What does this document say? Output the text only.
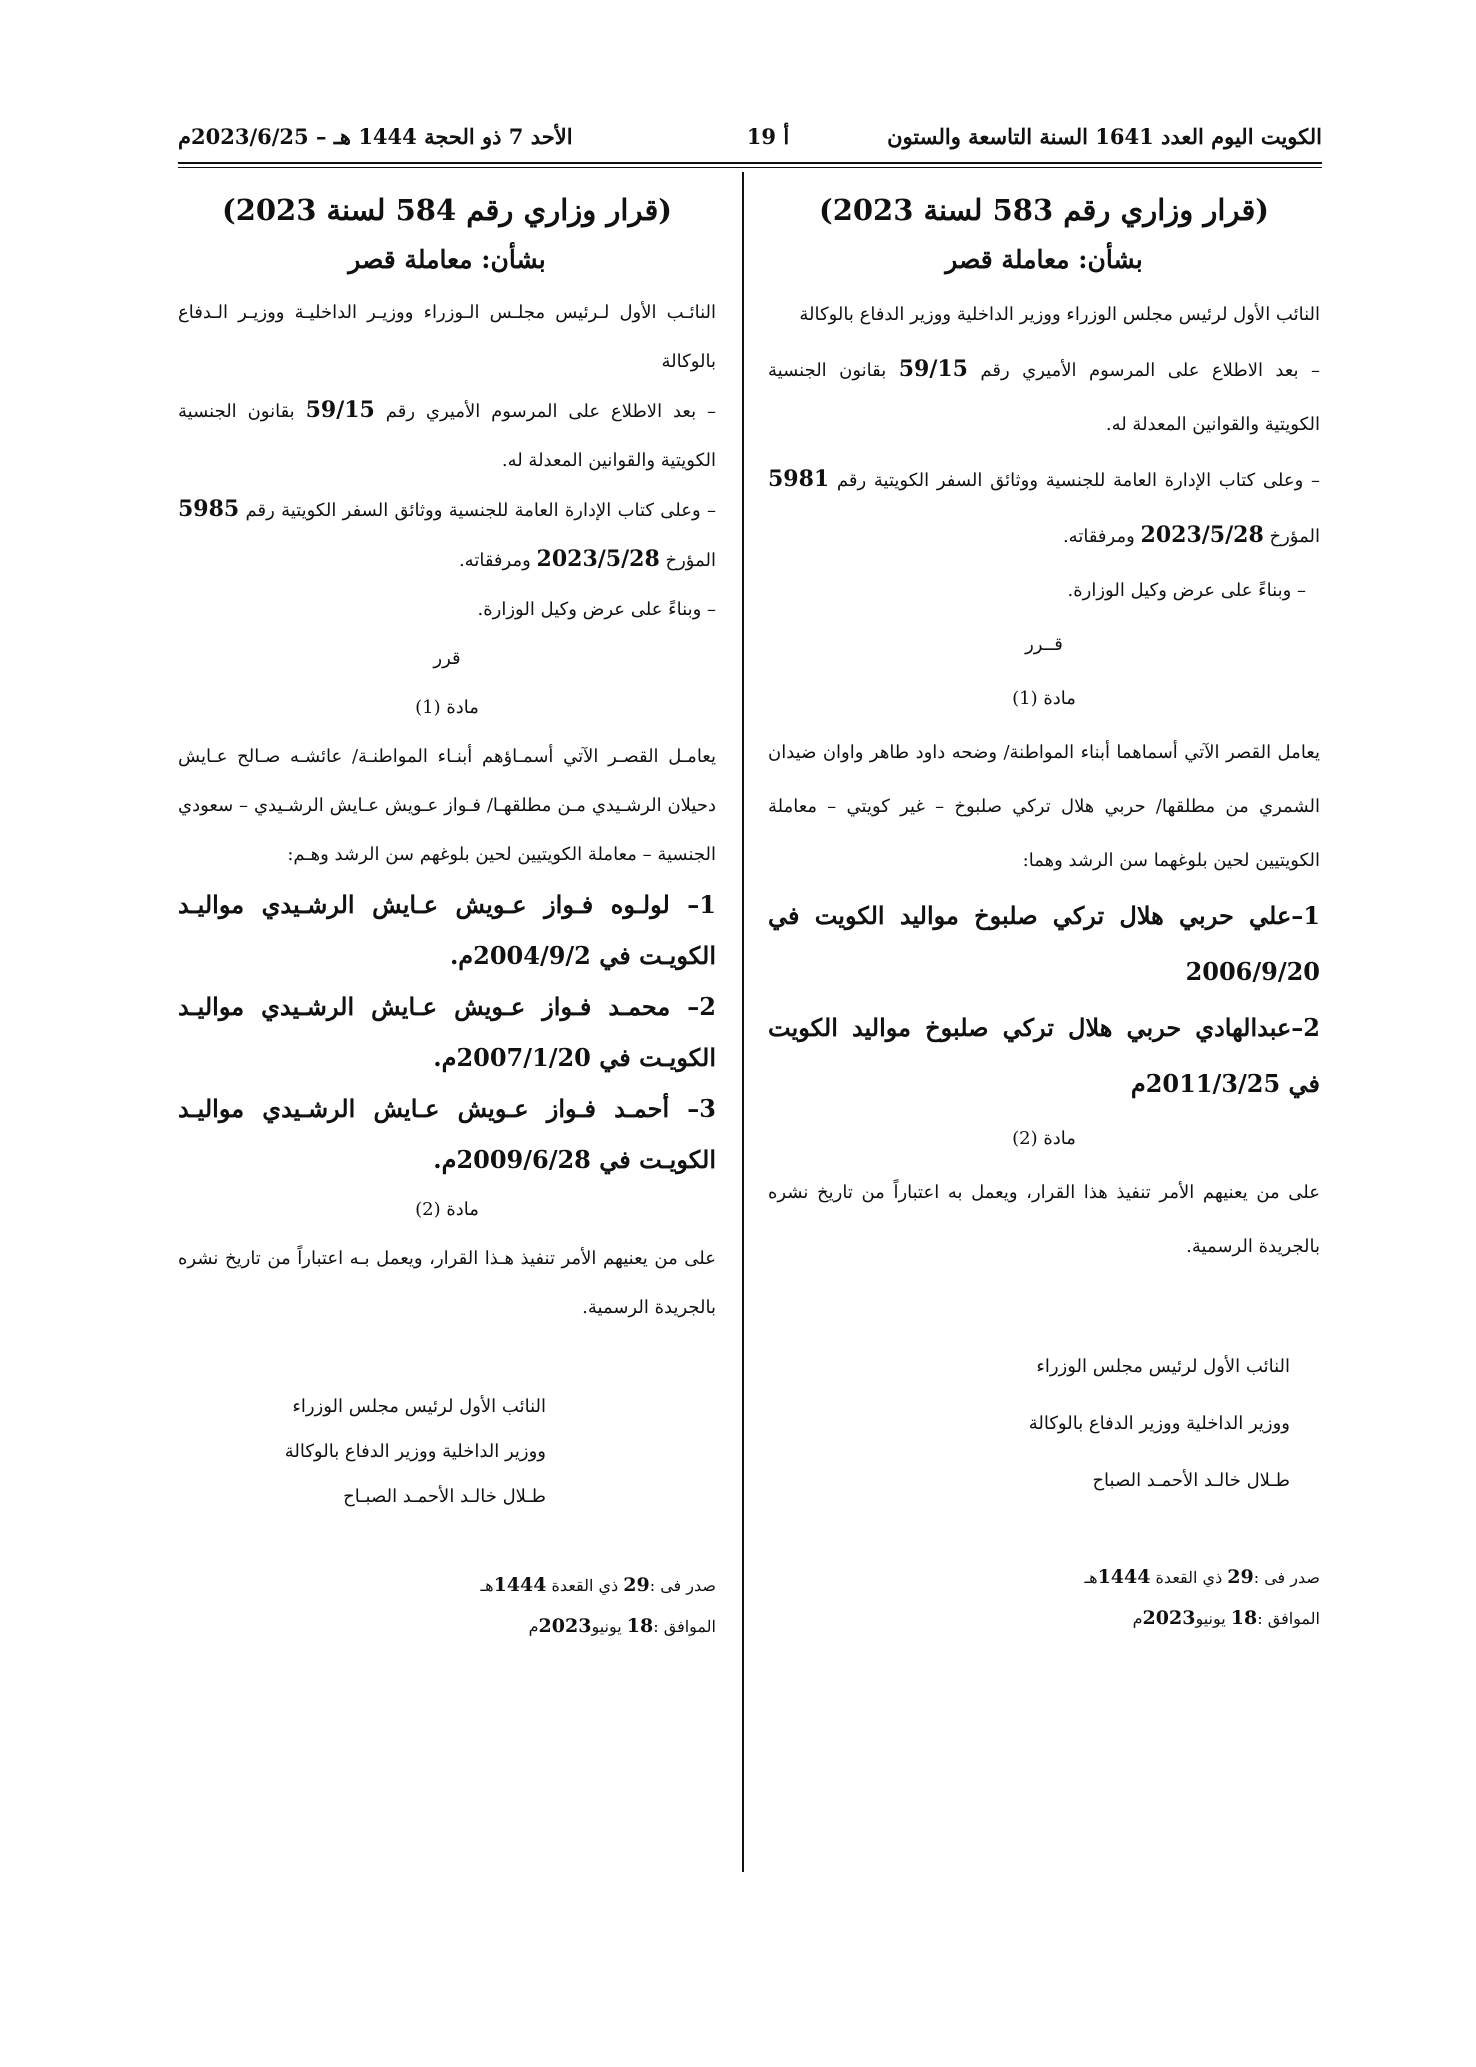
الكويت اليوم العدد 1641 السنة التاسعة والستون
أ 19
الأحد 7 ذو الحجة 1444 هـ – 2023/6/25م
(قرار وزاري رقم 583 لسنة 2023)
بشأن: معاملة قصر

النائب الأول لرئيس مجلس الوزراء ووزير الداخلية ووزير الدفاع بالوكالة

– بعد الاطلاع على المرسوم الأميري رقم 59/15 بقانون الجنسية الكويتية والقوانين المعدلة له.

– وعلى كتاب الإدارة العامة للجنسية ووثائق السفر الكويتية رقم 5981 المؤرخ 2023/5/28 ومرفقاته.

– وبناءً على عرض وكيل الوزارة.

قــرر

مادة (1)

يعامل القصر الآتي أسماهما أبناء المواطنة/ وضحه داود طاهر واوان ضيدان الشمري من مطلقها/ حربي هلال تركي صلبوخ – غير كويتي – معاملة الكويتيين لحين بلوغهما سن الرشد وهما:

1–علي حربي هلال تركي صلبوخ مواليد الكويت في 2006/9/20

2–عبدالهادي حربي هلال تركي صلبوخ مواليد الكويت في 2011/3/25م

مادة (2)

على من يعنيهم الأمر تنفيذ هذا القرار، ويعمل به اعتباراً من تاريخ نشره بالجريدة الرسمية.

النائب الأول لرئيس مجلس الوزراء

ووزير الداخلية ووزير الدفاع بالوكالة

طـلال خالـد الأحمـد الصباح

صدر فى :29 ذي القعدة 1444هـ

الموافق :18 يونيو2023م

(قرار وزاري رقم 584 لسنة 2023)
بشأن: معاملة قصر

النائـب الأول لـرئيس مجلـس الـوزراء ووزيـر الداخليـة ووزيـر الـدفاع بالوكالة

– بعد الاطلاع على المرسوم الأميري رقم 59/15 بقانون الجنسية الكويتية والقوانين المعدلة له.

– وعلى كتاب الإدارة العامة للجنسية ووثائق السفر الكويتية رقم 5985 المؤرخ 2023/5/28 ومرفقاته.

– وبناءً على عرض وكيل الوزارة.

قرر

مادة (1)

يعامـل القصـر الآتي أسمـاؤهم أبنـاء المواطنـة/ عائشـه صـالح عـايش دحيلان الرشـيدي مـن مطلقهـا/ فـواز عـويش عـايش الرشـيدي – سعودي الجنسية – معاملة الكويتيين لحين بلوغهم سن الرشد وهـم:

1– لولـوه فـواز عـويش عـايش الرشـيدي مواليـد الكويـت في 2004/9/2م.

2– محمـد فـواز عـويش عـايش الرشـيدي مواليـد الكويـت في 2007/1/20م.

3– أحمـد فـواز عـويش عـايش الرشـيدي مواليـد الكويـت في 2009/6/28م.

مادة (2)

على من يعنيهم الأمر تنفيذ هـذا القرار، ويعمل بـه اعتباراً من تاريخ نشره بالجريدة الرسمية.

النائب الأول لرئيس مجلس الوزراء

ووزير الداخلية ووزير الدفاع بالوكالة

طـلال خالـد الأحمـد الصبـاح

صدر فى :29 ذي القعدة 1444هـ

الموافق :18 يونيو2023م
